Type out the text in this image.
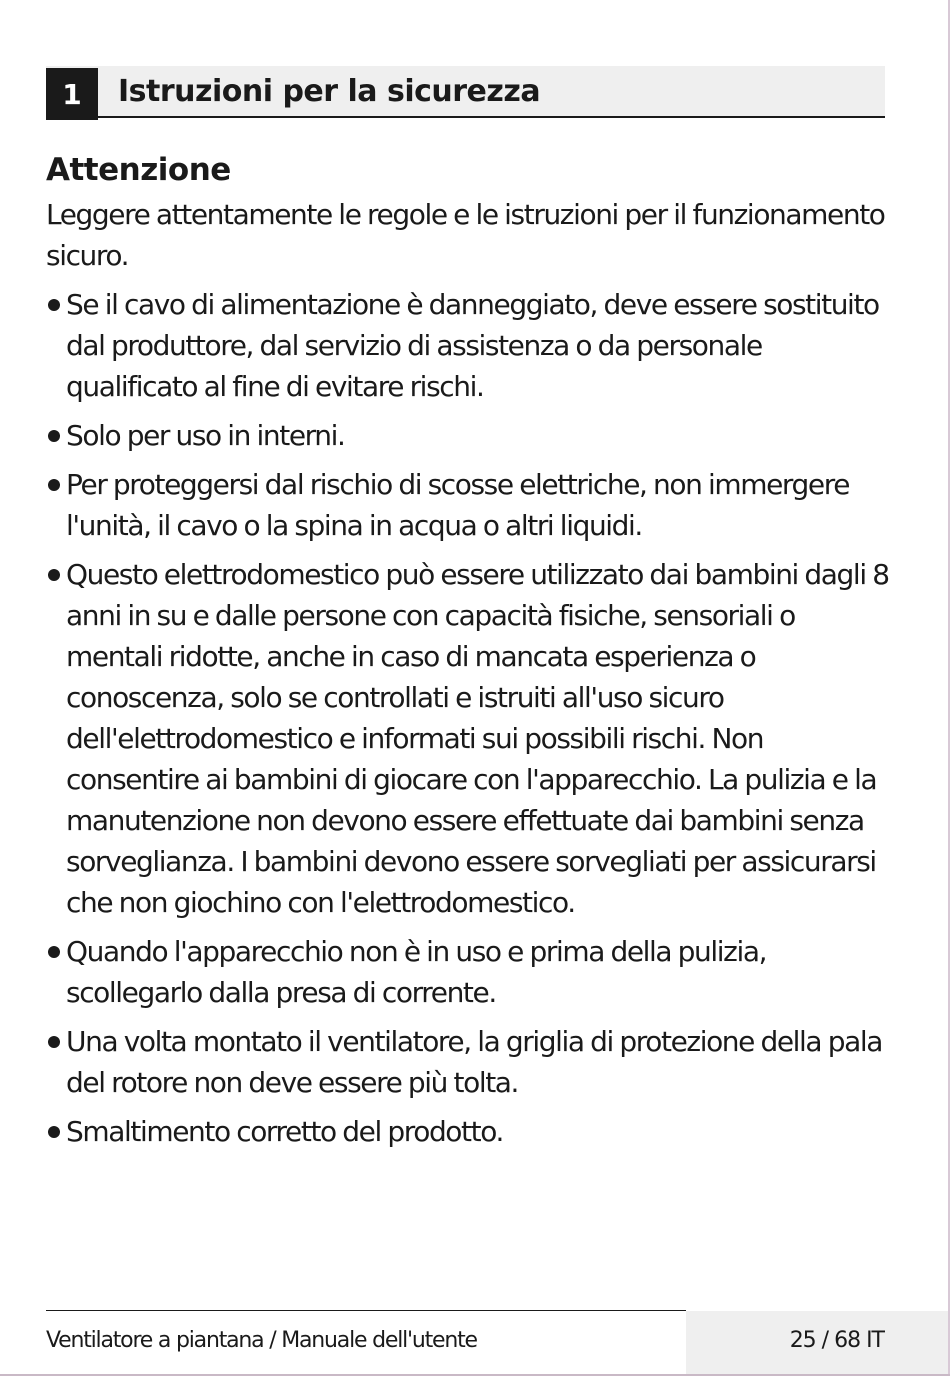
1	Istruzioni per la sicurezza
Attenzione

Leggere attentamente le regole e le istruzioni per il funzionamento sicuro.

Se il cavo di alimentazione è danneggiato, deve essere sostituito dal produttore, dal servizio di assistenza o da personale qualificato al fine di evitare rischi.
Solo per uso in interni.
Per proteggersi dal rischio di scosse elettriche, non immergere l'unità, il cavo o la spina in acqua o altri liquidi.
Questo elettrodomestico può essere utilizzato dai bambini dagli 8 anni in su e dalle persone con capacità fisiche, sensoriali o mentali ridotte, anche in caso di mancata esperienza o conoscenza, solo se controllati e istruiti all'uso sicuro dell'elettrodomestico e informati sui possibili rischi. Non consentire ai bambini di giocare con l'apparecchio. La pulizia e la manutenzione non devono essere effettuate dai bambini senza sorveglianza. I bambini devono essere sorvegliati per assicurarsi che non giochino con l'elettrodomestico.
Quando l'apparecchio non è in uso e prima della pulizia, scollegarlo dalla presa di corrente.
Una volta montato il ventilatore, la griglia di protezione della pala del rotore non deve essere più tolta.
Smaltimento corretto del prodotto.
Ventilatore a piantana / Manuale dell'utente	25 / 68 IT
